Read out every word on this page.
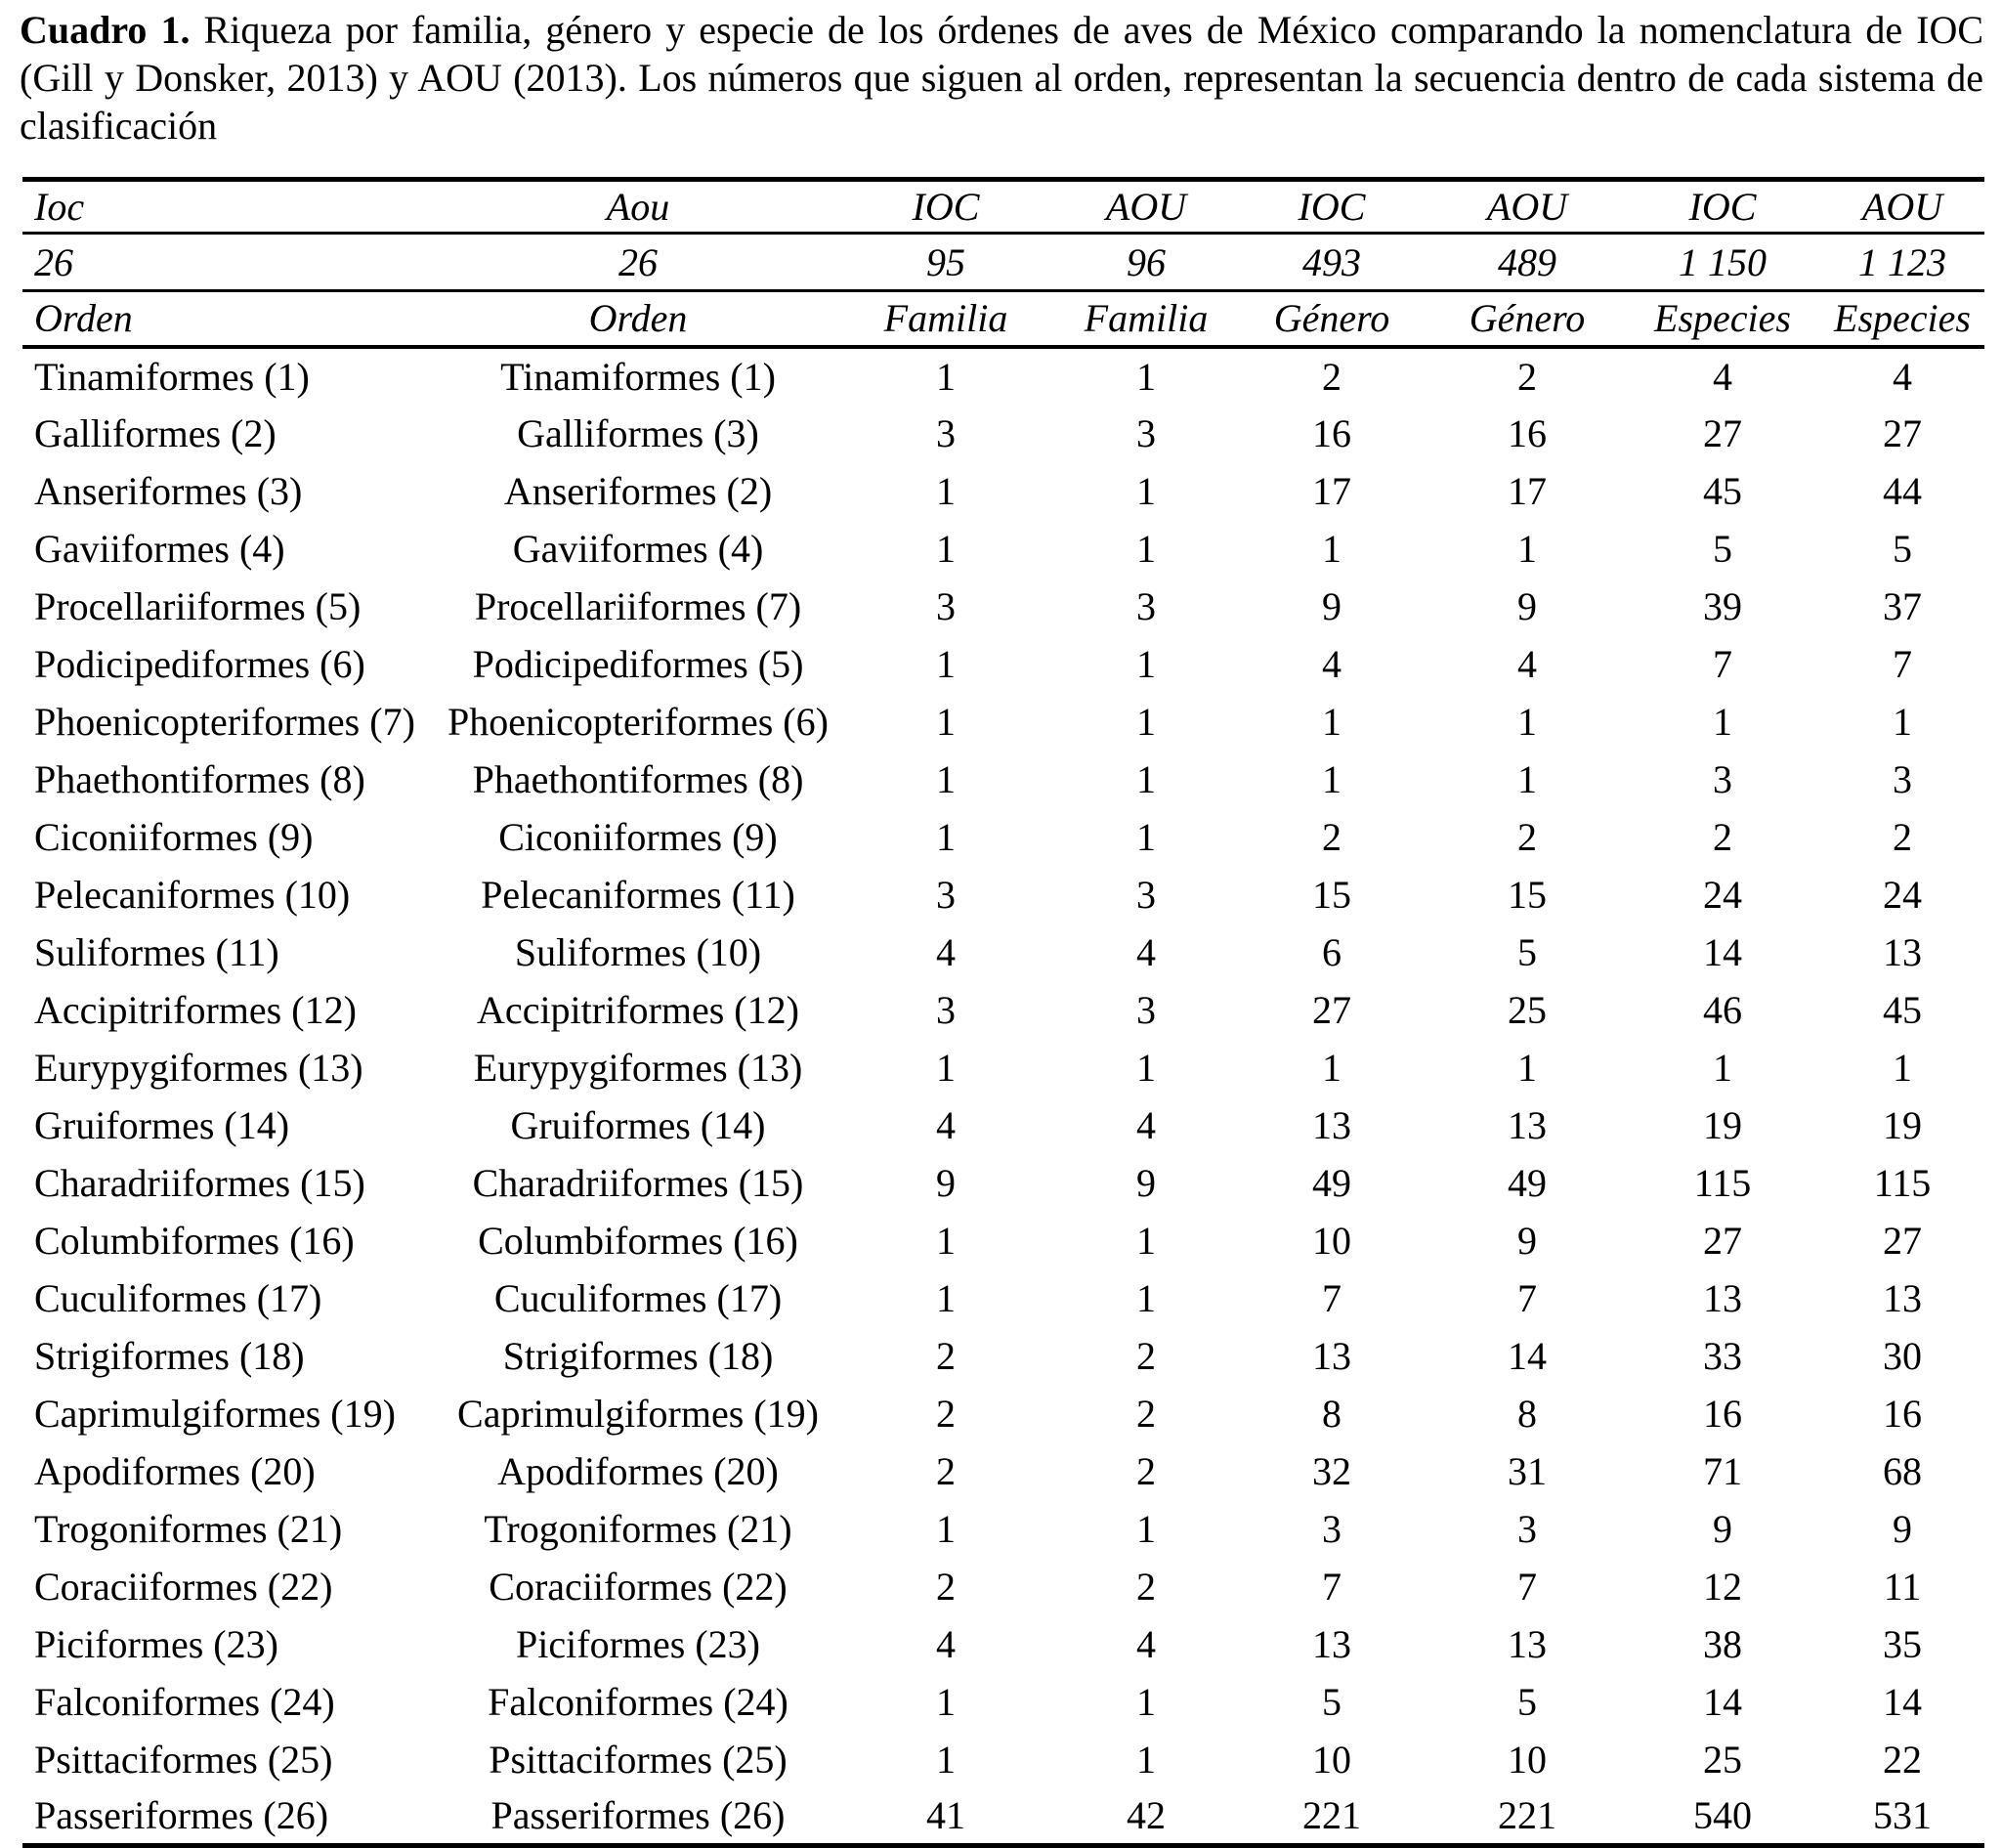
Cuadro 1. Riqueza por familia, género y especie de los órdenes de aves de México comparando la nomenclatura de IOC (Gill y Donsker, 2013) y AOU (2013). Los números que siguen al orden, representan la secuencia dentro de cada sistema de clasificación

Ioc	Aou	IOC	AOU	IOC	AOU	IOC	AOU
26	26	95	96	493	489	1 150	1 123
Orden	Orden	Familia	Familia	Género	Género	Especies	Especies
Tinamiformes (1)	Tinamiformes (1)	1	1	2	2	4	4
Galliformes (2)	Galliformes (3)	3	3	16	16	27	27
Anseriformes (3)	Anseriformes (2)	1	1	17	17	45	44
Gaviiformes (4)	Gaviiformes (4)	1	1	1	1	5	5
Procellariiformes (5)	Procellariiformes (7)	3	3	9	9	39	37
Podicipediformes (6)	Podicipediformes (5)	1	1	4	4	7	7
Phoenicopteriformes (7)	Phoenicopteriformes (6)	1	1	1	1	1	1
Phaethontiformes (8)	Phaethontiformes (8)	1	1	1	1	3	3
Ciconiiformes (9)	Ciconiiformes (9)	1	1	2	2	2	2
Pelecaniformes (10)	Pelecaniformes (11)	3	3	15	15	24	24
Suliformes (11)	Suliformes (10)	4	4	6	5	14	13
Accipitriformes (12)	Accipitriformes (12)	3	3	27	25	46	45
Eurypygiformes (13)	Eurypygiformes (13)	1	1	1	1	1	1
Gruiformes (14)	Gruiformes (14)	4	4	13	13	19	19
Charadriiformes (15)	Charadriiformes (15)	9	9	49	49	115	115
Columbiformes (16)	Columbiformes (16)	1	1	10	9	27	27
Cuculiformes (17)	Cuculiformes (17)	1	1	7	7	13	13
Strigiformes (18)	Strigiformes (18)	2	2	13	14	33	30
Caprimulgiformes (19)	Caprimulgiformes (19)	2	2	8	8	16	16
Apodiformes (20)	Apodiformes (20)	2	2	32	31	71	68
Trogoniformes (21)	Trogoniformes (21)	1	1	3	3	9	9
Coraciiformes (22)	Coraciiformes (22)	2	2	7	7	12	11
Piciformes (23)	Piciformes (23)	4	4	13	13	38	35
Falconiformes (24)	Falconiformes (24)	1	1	5	5	14	14
Psittaciformes (25)	Psittaciformes (25)	1	1	10	10	25	22
Passeriformes (26)	Passeriformes (26)	41	42	221	221	540	531
